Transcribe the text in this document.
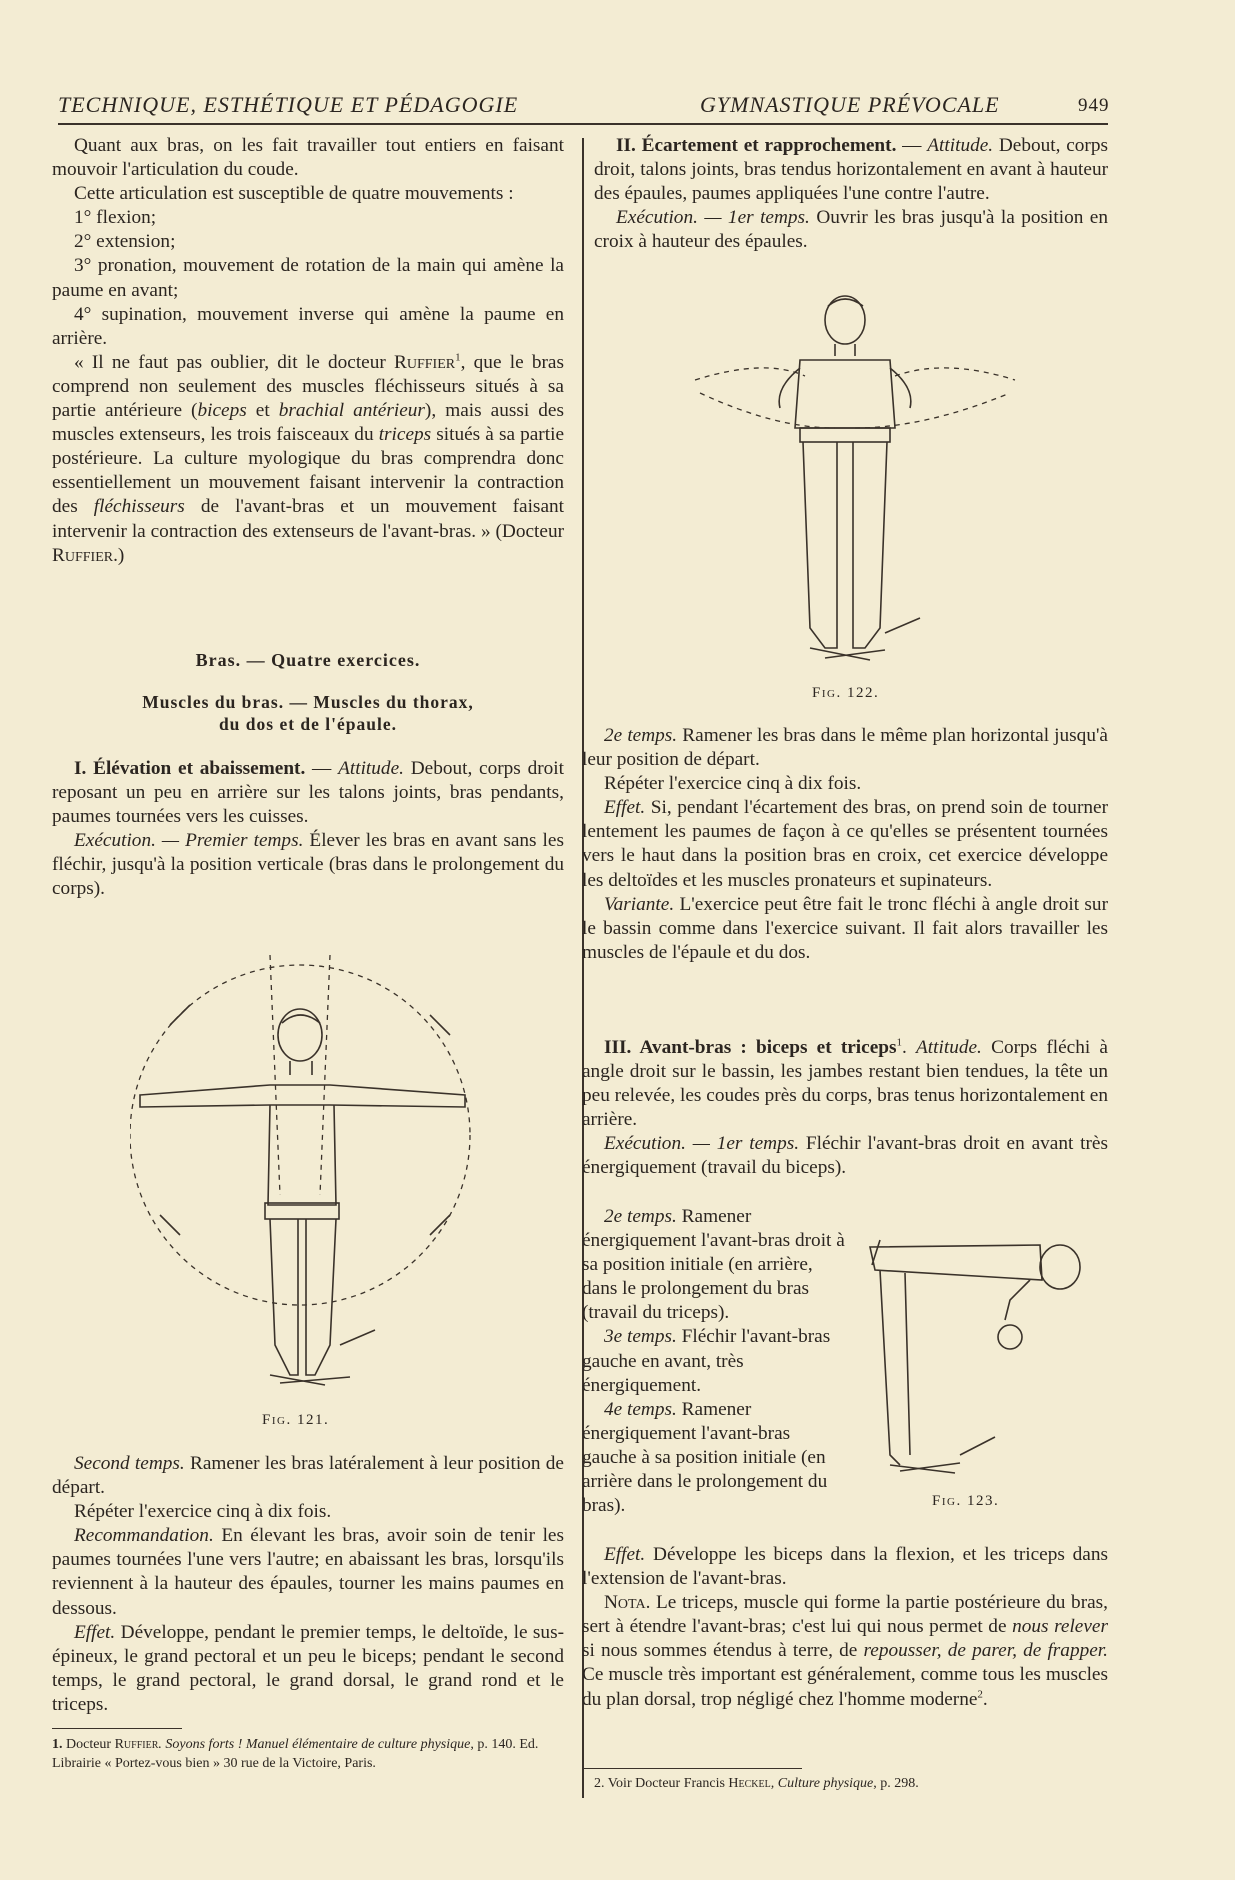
TECHNIQUE, ESTHÉTIQUE ET PÉDAGOGIE	GYMNASTIQUE PRÉVOCALE	949

Quant aux bras, on les fait travailler tout entiers en faisant mouvoir l'articulation du coude.

Cette articulation est susceptible de quatre mouvements :

1° flexion;

2° extension;

3° pronation, mouvement de rotation de la main qui amène la paume en avant;

4° supination, mouvement inverse qui amène la paume en arrière.

« Il ne faut pas oublier, dit le docteur Ruffier$^1$, que le bras comprend non seulement des muscles fléchisseurs situés à sa partie antérieure (biceps et brachial antérieur), mais aussi des muscles extenseurs, les trois faisceaux du triceps situés à sa partie postérieure. La culture myologique du bras comprendra donc essentiellement un mouvement faisant intervenir la contraction des fléchisseurs de l'avant-bras et un mouvement faisant intervenir la contraction des extenseurs de l'avant-bras. » (Docteur Ruffier.)

Bras. — Quatre exercices.
Muscles du bras. — Muscles du thorax,
du dos et de l'épaule.

I. Élévation et abaissement. — Attitude. Debout, corps droit reposant un peu en arrière sur les talons joints, bras pendants, paumes tournées vers les cuisses.

Exécution. — Premier temps. Élever les bras en avant sans les fléchir, jusqu'à la position verticale (bras dans le prolongement du corps).

Fig. 121.

Second temps. Ramener les bras latéralement à leur position de départ.

Répéter l'exercice cinq à dix fois.

Recommandation. En élevant les bras, avoir soin de tenir les paumes tournées l'une vers l'autre; en abaissant les bras, lorsqu'ils reviennent à la hauteur des épaules, tourner les mains paumes en dessous.

Effet. Développe, pendant le premier temps, le deltoïde, le sus-épineux, le grand pectoral et un peu le biceps; pendant le second temps, le grand pectoral, le grand dorsal, le grand rond et le triceps.

1. Docteur Ruffier. Soyons forts ! Manuel élémentaire de culture physique, p. 140. Ed. Librairie « Portez-vous bien » 30 rue de la Victoire, Paris.

II. Écartement et rapprochement. — Attitude. Debout, corps droit, talons joints, bras tendus horizontalement en avant à hauteur des épaules, paumes appliquées l'une contre l'autre.

Exécution. — 1er temps. Ouvrir les bras jusqu'à la position en croix à hauteur des épaules.

Fig. 122.

2e temps. Ramener les bras dans le même plan horizontal jusqu'à leur position de départ.

Répéter l'exercice cinq à dix fois.

Effet. Si, pendant l'écartement des bras, on prend soin de tourner lentement les paumes de façon à ce qu'elles se présentent tournées vers le haut dans la position bras en croix, cet exercice développe les deltoïdes et les muscles pronateurs et supinateurs.

Variante. L'exercice peut être fait le tronc fléchi à angle droit sur le bassin comme dans l'exercice suivant. Il fait alors travailler les muscles de l'épaule et du dos.

III. Avant-bras : biceps et triceps$^1$. Attitude. Corps fléchi à angle droit sur le bassin, les jambes restant bien tendues, la tête un peu relevée, les coudes près du corps, bras tenus horizontalement en arrière.

Exécution. — 1er temps. Fléchir l'avant-bras droit en avant très énergiquement (travail du biceps).

2e temps. Ramener énergiquement l'avant-bras droit à sa position initiale (en arrière, dans le prolongement du bras (travail du triceps).

3e temps. Fléchir l'avant-bras gauche en avant, très énergiquement.

4e temps. Ramener énergiquement l'avant-bras gauche à sa position initiale (en arrière dans le prolongement du bras).	Fig. 123.

Effet. Développe les biceps dans la flexion, et les triceps dans l'extension de l'avant-bras.

Nota. Le triceps, muscle qui forme la partie postérieure du bras, sert à étendre l'avant-bras; c'est lui qui nous permet de nous relever si nous sommes étendus à terre, de repousser, de parer, de frapper. Ce muscle très important est généralement, comme tous les muscles du plan dorsal, trop négligé chez l'homme moderne$^2$.

2. Voir Docteur Francis Heckel, Culture physique, p. 298.
